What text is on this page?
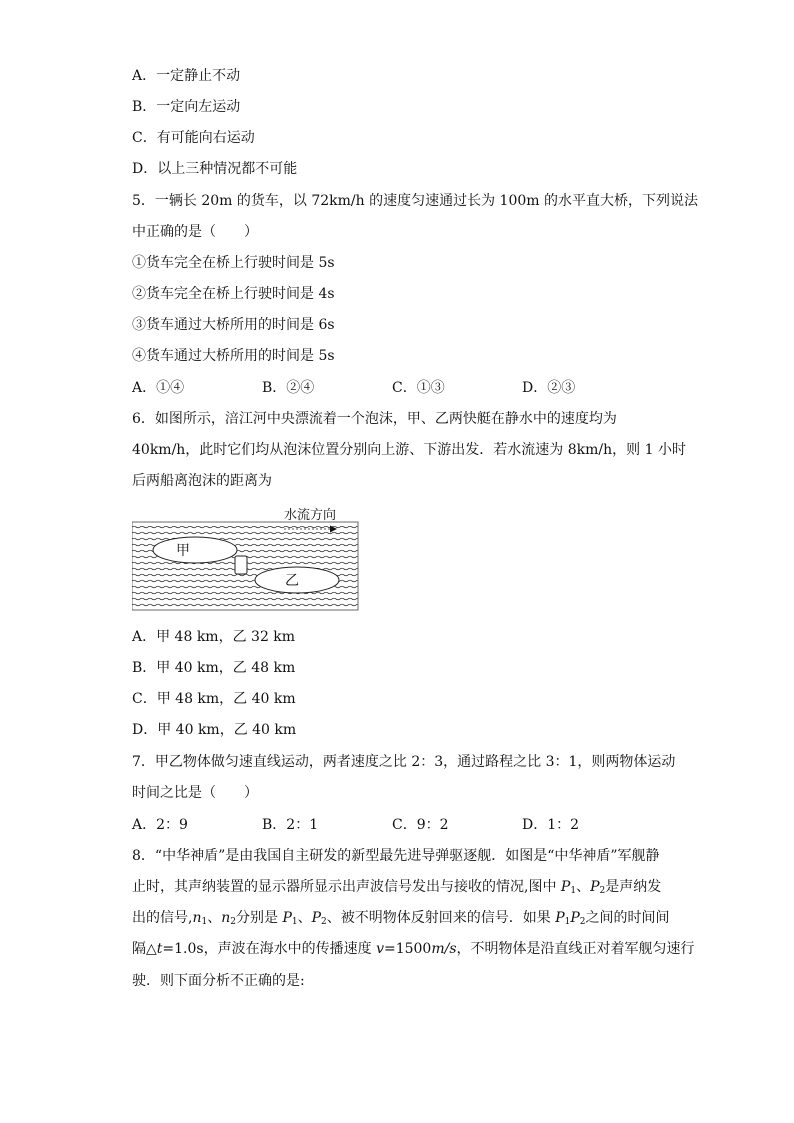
A．一定静止不动
B．一定向左运动
C．有可能向右运动
D．以上三种情况都不可能
5．一辆长 20m 的货车，以 72km/h 的速度匀速通过长为 100m 的水平直大桥，下列说法
中正确的是（　　）
①货车完全在桥上行驶时间是 5s
②货车完全在桥上行驶时间是 4s
③货车通过大桥所用的时间是 6s
④货车通过大桥所用的时间是 5s
A．①④	B．②④	C．①③	D．②③
6．如图所示，涪江河中央漂流着一个泡沫，甲、乙两快艇在静水中的速度均为
40km/h，此时它们均从泡沫位置分别向上游、下游出发．若水流速为 8km/h，则 1 小时
后两船离泡沫的距离为
水流方向
甲
乙
A．甲 48 km，乙 32 km
B．甲 40 km，乙 48 km
C．甲 48 km，乙 40 km
D．甲 40 km，乙 40 km
7．甲乙物体做匀速直线运动，两者速度之比 2：3，通过路程之比 3：1，则两物体运动
时间之比是（　　）
A．2：9	B．2：1	C．9：2	D．1：2
8．“中华神盾”是由我国自主研发的新型最先进导弹驱逐舰．如图是“中华神盾”军舰静
止时，其声纳装置的显示器所显示出声波信号发出与接收的情况,图中 $P_1$、$P_2$是声纳发
出的信号$,n_1$、$n_2$分别是 $P_1$、$P_2$、被不明物体反射回来的信号．如果 $P_1P_2$之间的时间间
隔△t=1.0s，声波在海水中的传播速度 v=1500m/s，不明物体是沿直线正对着军舰匀速行
驶．则下面分析不正确的是:
